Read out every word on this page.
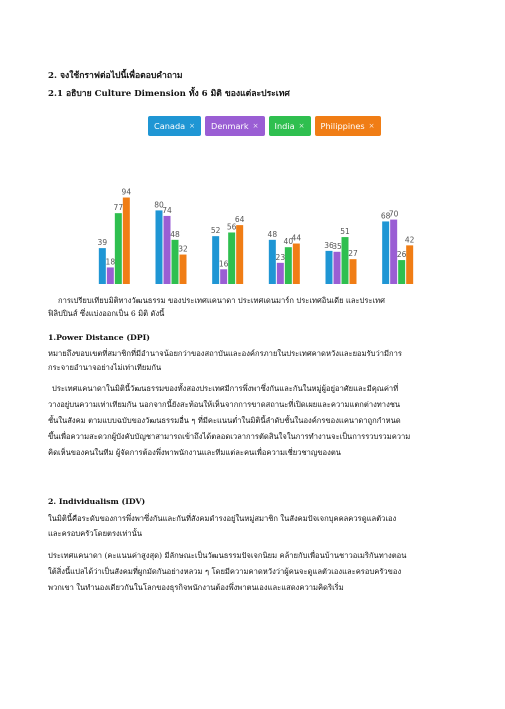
2. จงใช้กราฟต่อไปนี้เพื่อตอบคำถาม
2.1 อธิบาย Culture Dimension ทั้ง 6 มิติ ของแต่ละประเทศ
Canada × Denmark × India × Philippines ×
39
18
77
94
80
74
48
32
52
16
56
64
48
23
40
44
36
35
51
27
68
70
26
42
การเปรียบเทียบมิติทางวัฒนธรรม ของประเทศแคนาดา ประเทศเดนมาร์ก ประเทศอินเดีย และประเทศ
ฟิลิปปินส์ ซึ่งแบ่งออกเป็น 6 มิติ ดังนี้
1.Power Distance (DPI)
หมายถึงขอบเขตที่สมาชิกที่มีอำนาจน้อยกว่าของสถาบันและองค์กรภายในประเทศคาดหวังและยอมรับว่ามีการ
กระจายอำนาจอย่างไม่เท่าเทียมกัน
ประเทศแคนาดาในมิตินี้วัฒนธรรมของทั้งสองประเทศมีการพึ่งพาซึ่งกันและกันในหมู่ผู้อยู่อาศัยและมีคุณค่าที่
วางอยู่บนความเท่าเทียมกัน นอกจากนี้ยังสะท้อนให้เห็นจากการขาดสถานะที่เปิดเผยและความแตกต่างทางชน
ชั้นในสังคม ตามแบบฉบับของวัฒนธรรมอื่น ๆ ที่มีคะแนนต่ำในมิตินี้ลำดับชั้นในองค์กรของแคนาดาถูกกำหนด
ขึ้นเพื่อความสะดวกผู้บังคับบัญชาสามารถเข้าถึงได้ตลอดเวลาการตัดสินใจในการทำงานจะเป็นการรวบรวมความ
คิดเห็นของคนในทีม ผู้จัดการต้องพึ่งพาพนักงานและทีมแต่ละคนเพื่อความเชี่ยวชาญของตน
2. Individualism (IDV)
ในมิตินี้คือระดับของการพึ่งพาซึ่งกันและกันที่สังคมดำรงอยู่ในหมู่สมาชิก ในสังคมปัจเจกบุคคลควรดูแลตัวเอง
และครอบครัวโดยตรงเท่านั้น
ประเทศแคนาดา (คะแนนค่าสูงสุด) มีลักษณะเป็นวัฒนธรรมปัจเจกนิยม คล้ายกับเพื่อนบ้านชาวอเมริกันทางตอน
ใต้สิ่งนี้แปลได้ว่าเป็นสังคมที่ผูกมัดกันอย่างหลวม ๆ โดยมีความคาดหวังว่าผู้คนจะดูแลตัวเองและครอบครัวของ
พวกเขา ในทำนองเดียวกันในโลกของธุรกิจพนักงานต้องพึ่งพาตนเองและแสดงความคิดริเริ่ม
